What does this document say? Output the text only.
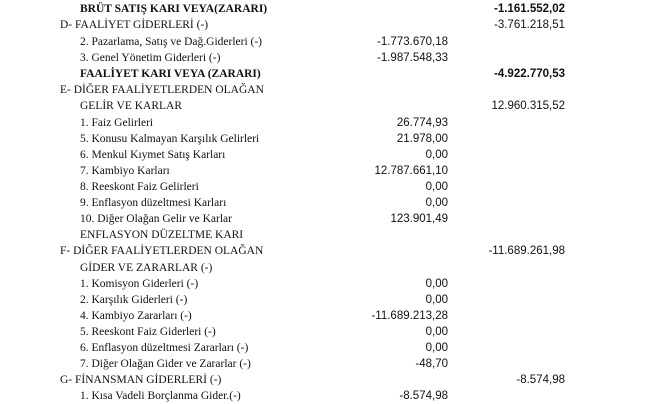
BRÜT SATIŞ KARI VEYA(ZARARI)	-1.161.552,02
D- FAALİYET GİDERLERİ (-)	-3.761.218,51
2. Pazarlama, Satış ve Dağ.Giderleri (-)	-1.773.670,18
3. Genel Yönetim Giderleri (-)	-1.987.548,33
FAALİYET KARI VEYA (ZARARI)	-4.922.770,53
E- DİĞER FAALİYETLERDEN OLAĞAN
GELİR VE KARLAR	12.960.315,52
1. Faiz Gelirleri	26.774,93
5. Konusu Kalmayan Karşılık Gelirleri	21.978,00
6. Menkul Kıymet Satış Karları	0,00
7. Kambiyo Karları	12.787.661,10
8. Reeskont Faiz Gelirleri	0,00
9. Enflasyon düzeltmesi Karları	0,00
10. Diğer Olağan Gelir ve Karlar	123.901,49
ENFLASYON DÜZELTME KARI
F- DİĞER FAALİYETLERDEN OLAĞAN	-11.689.261,98
GİDER VE ZARARLAR (-)
1. Komisyon Giderleri (-)	0,00
2. Karşılık Giderleri (-)	0,00
4. Kambiyo Zararları (-)	-11.689.213,28
5. Reeskont Faiz Giderleri (-)	0,00
6. Enflasyon düzeltmesi Zararları (-)	0,00
7. Diğer Olağan Gider ve Zararlar (-)	-48,70
G- FİNANSMAN GİDERLERİ (-)	-8.574,98
1. Kısa Vadeli Borçlanma Gider.(-)	-8.574,98
